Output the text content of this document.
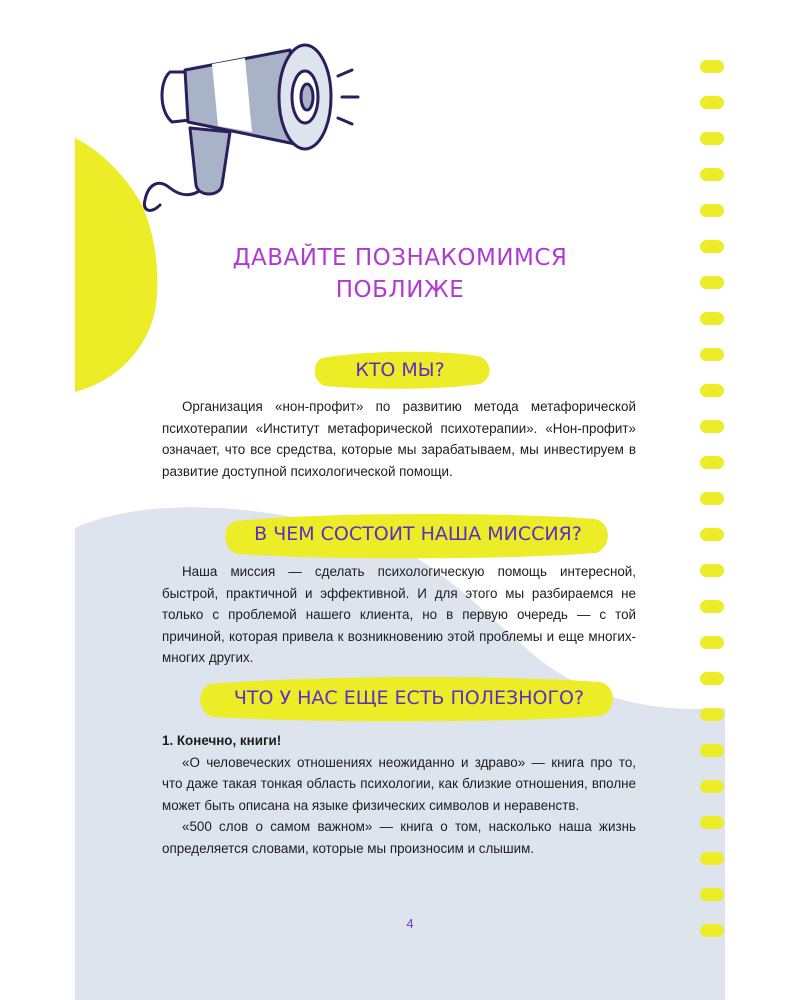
ДАВАЙТЕ ПОЗНАКОМИМСЯ
ПОБЛИЖЕ
КТО МЫ?

Организация «нон-профит» по развитию метода метафорической психотерапии «Институт метафорической психотерапии». «Нон-профит» означает, что все средства, которые мы зарабатываем, мы инвестируем в развитие доступной психологической помощи.

В ЧЕМ СОСТОИТ НАША МИССИЯ?

Наша миссия — сделать психологическую помощь интересной, быстрой, практичной и эффективной. И для этого мы разбираемся не только с проблемой нашего клиента, но в первую очередь — с той причиной, которая привела к возникновению этой проблемы и еще многих-многих других.

ЧТО У НАС ЕЩЕ ЕСТЬ ПОЛЕЗНОГО?

1. Конечно, книги!
«О человеческих отношениях неожиданно и здраво» — книга про то, что даже такая тонкая область психологии, как близкие отношения, вполне может быть описана на языке физических символов и неравенств.
«500 слов о самом важном» — книга о том, насколько наша жизнь определяется словами, которые мы произносим и слышим.

4
